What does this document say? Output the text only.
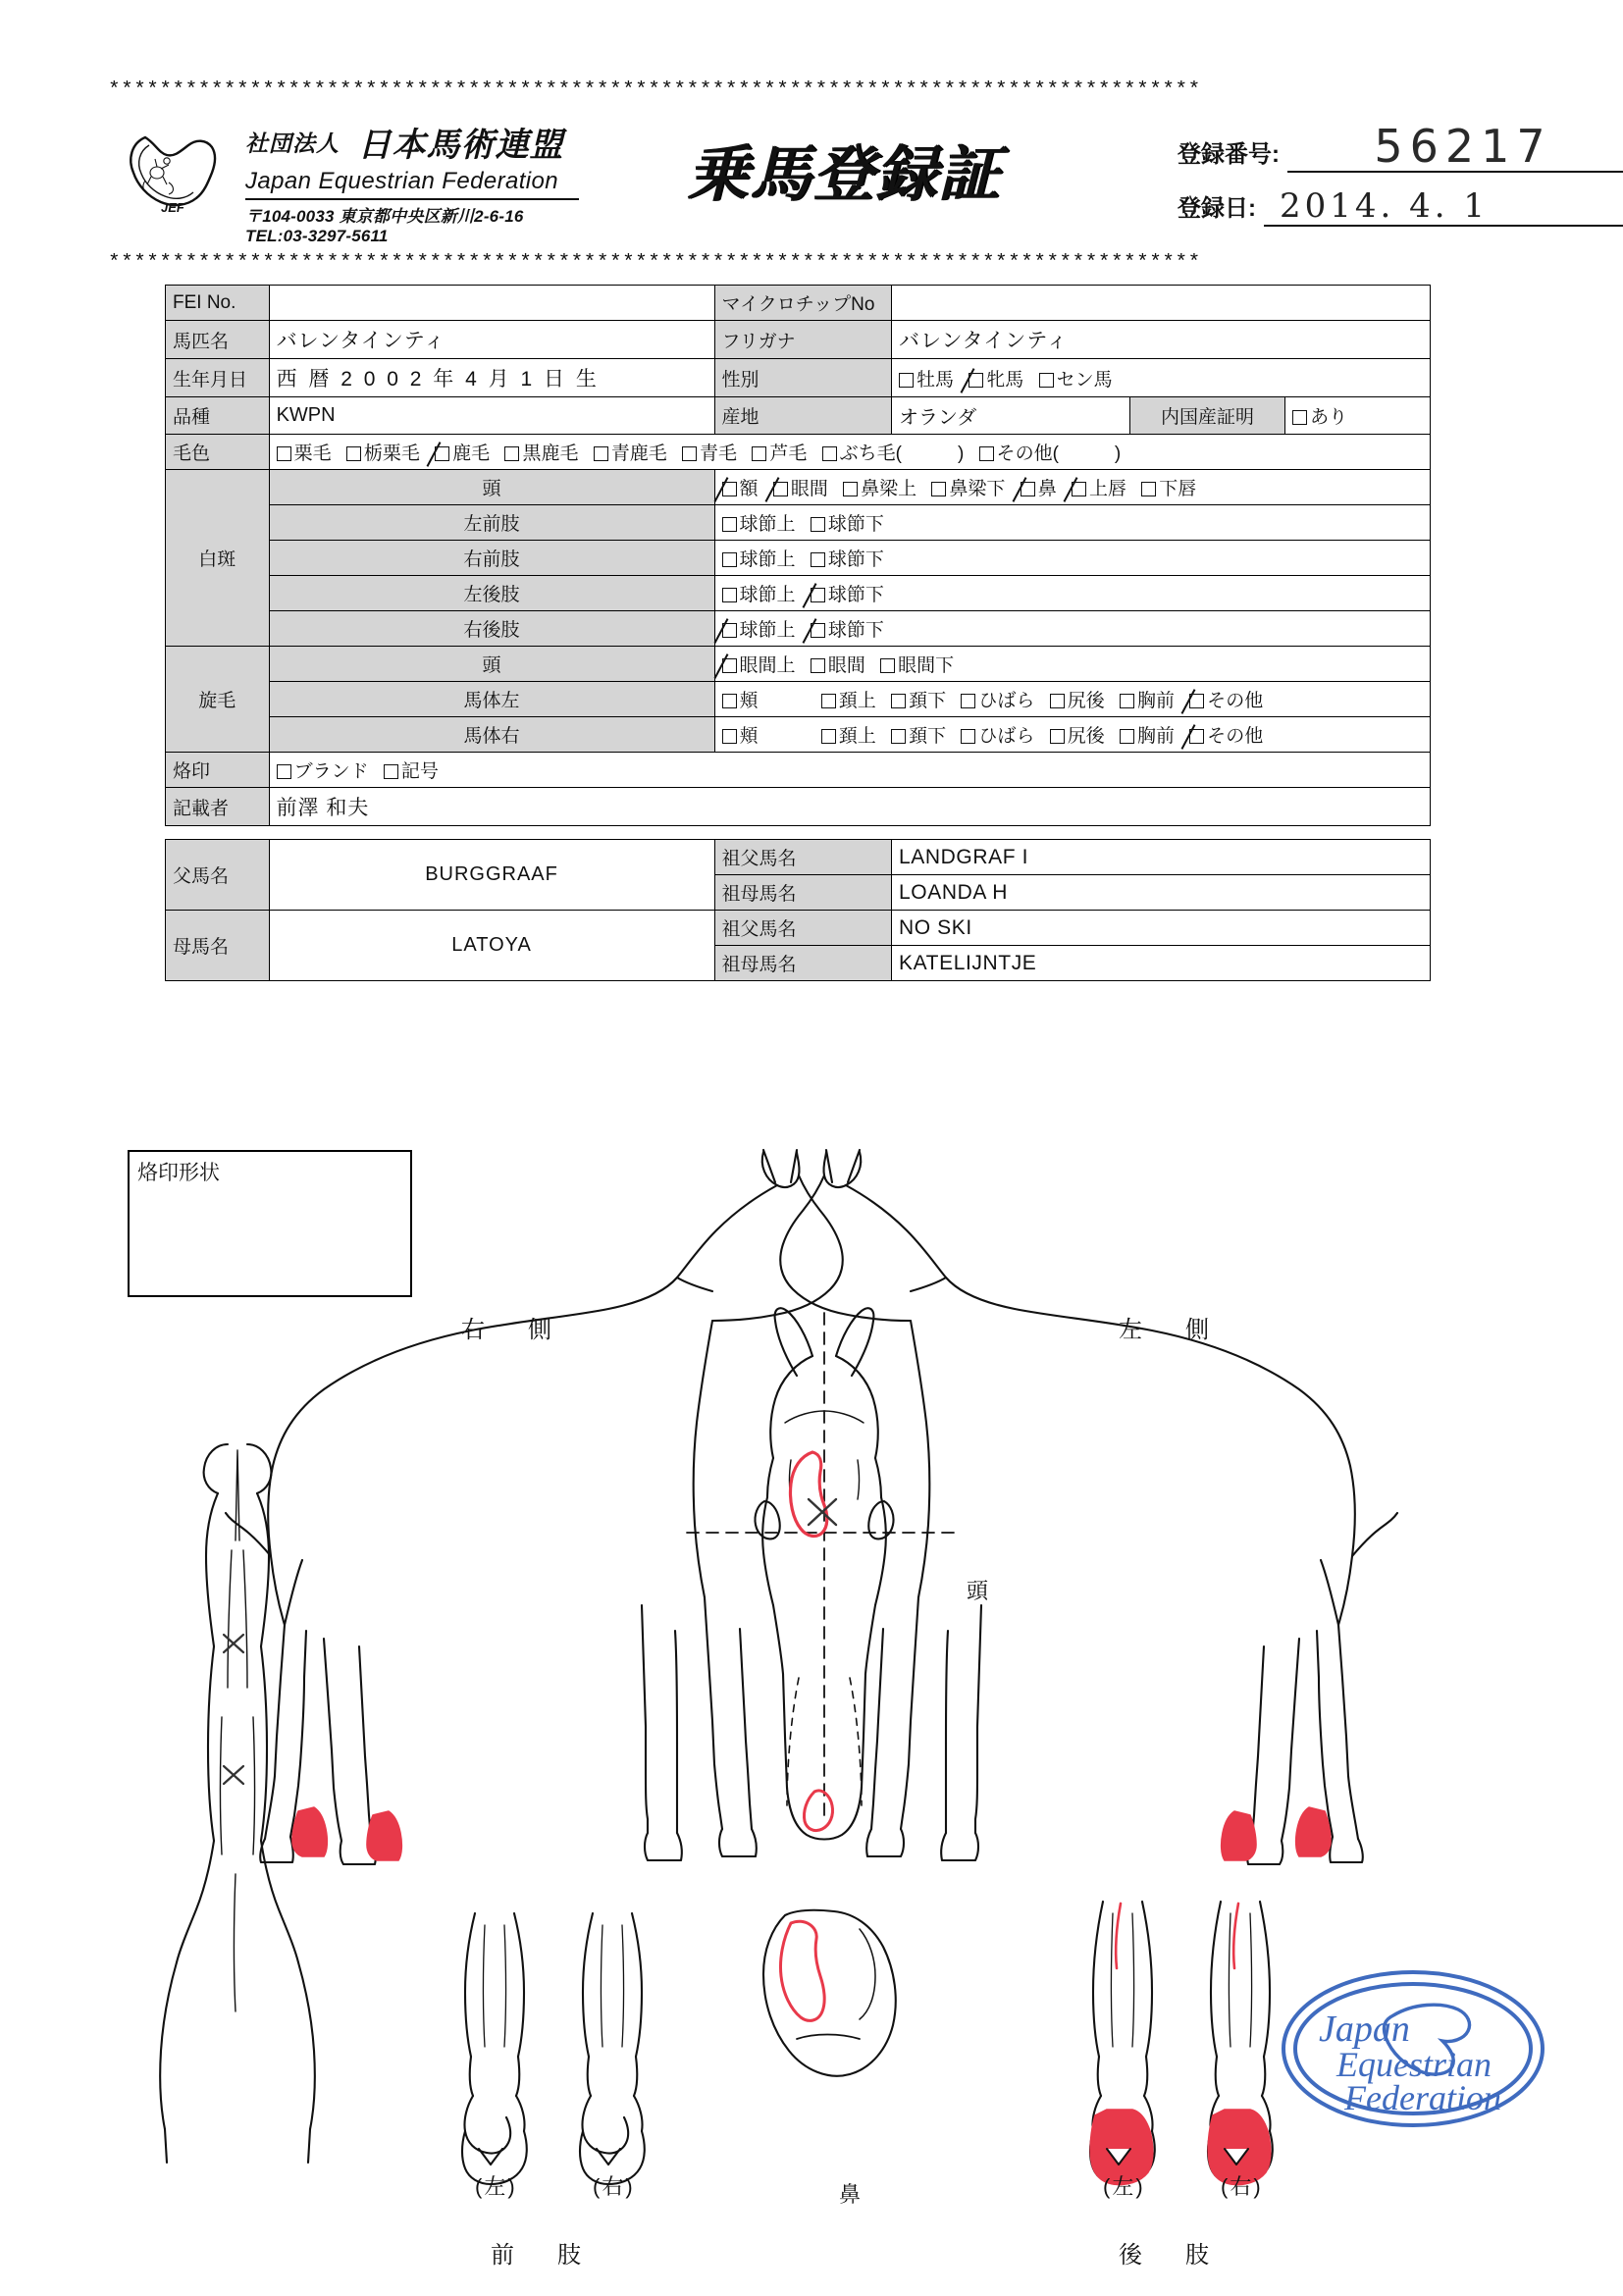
*************************************************************************************
JEF
社団法人 日本馬術連盟
Japan Equestrian Federation
〒104-0033 東京都中央区新川2-6-16
TEL:03-3297-5611
乗馬登録証	登録番号:	56217
登録日: 2014. 4. 1
*************************************************************************************
FEI No.		マイクロチップNo			
馬匹名	バレンタインティ	フリガナ	バレンタインティ		
生年月日	西 暦 2 0 0 2 年 4 月 1 日 生	性別	牡馬 牝馬 セン馬		
品種	KWPN	産地	オランダ	内国産証明	あり
毛色	栗毛 栃栗毛 鹿毛 黒鹿毛 青鹿毛 青毛 芦毛 ぶち毛(　　　) その他(　　　)				
白斑	頭	額 眼間 鼻梁上 鼻梁下 鼻 上唇 下唇			
	左前肢	球節上 球節下			
	右前肢	球節上 球節下			
	左後肢	球節上 球節下			
	右後肢	球節上 球節下			
旋毛	頭	眼間上 眼間 眼間下			
	馬体左	頬 頚上 頚下 ひばら 尻後 胸前 その他			
	馬体右	頬 頚上 頚下 ひばら 尻後 胸前 その他			
烙印	ブランド 記号				
記載者	前澤 和夫				

父馬名	BURGGRAAF	祖父馬名	LANDGRAF I		
		祖母馬名	LOANDA H		
母馬名	LATOYA	祖父馬名	NO SKI		
		祖母馬名	KATELIJNTJE		
烙印形状
右　側	左　側
頭
(左)	(右)
前　肢
鼻	(左)	(右)
後　肢
Japan
Equestrian
Federation
